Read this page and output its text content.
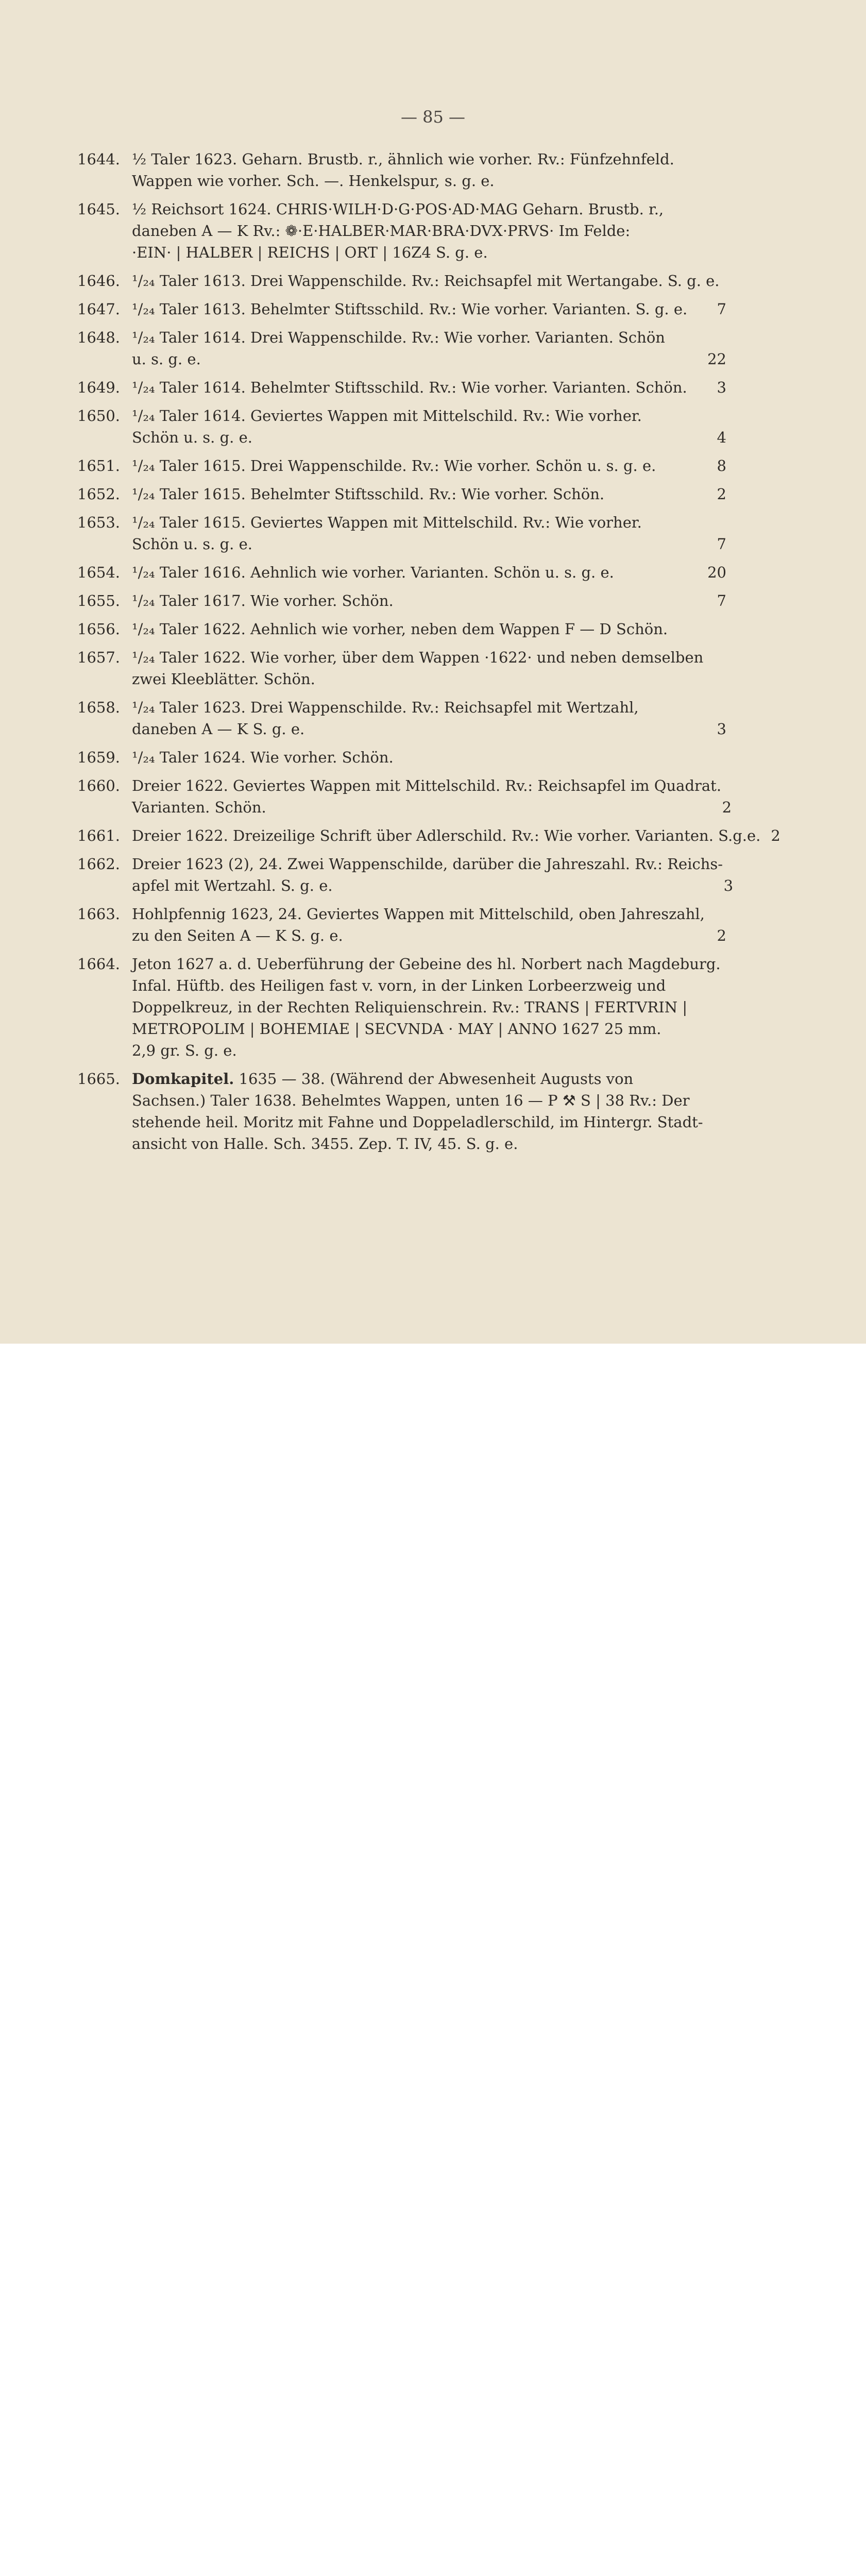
— 85 —
1644. ½ Taler 1623. Geharn. Brustb. r., ähnlich wie vorher. Rv.: Fünfzehnfeld.
Wappen wie vorher. Sch. —. Henkelspur, s. g. e.
1645. ½ Reichsort 1624. CHRIS·WILH·D·G·POS·AD·MAG Geharn. Brustb. r.,
daneben A — K Rv.: ❁·E·HALBER·MAR·BRA·DVX·PRVS· Im Felde:
·EIN· | HALBER | REICHS | ORT | 16Z4 S. g. e.
1646. ¹/₂₄ Taler 1613. Drei Wappenschilde. Rv.: Reichsapfel mit Wertangabe. S. g. e.
1647. ¹/₂₄ Taler 1613. Behelmter Stiftsschild. Rv.: Wie vorher. Varianten. S. g. e.	7
1648. ¹/₂₄ Taler 1614. Drei Wappenschilde. Rv.: Wie vorher. Varianten. Schön
u. s. g. e.	22
1649. ¹/₂₄ Taler 1614. Behelmter Stiftsschild. Rv.: Wie vorher. Varianten. Schön.	3
1650. ¹/₂₄ Taler 1614. Geviertes Wappen mit Mittelschild. Rv.: Wie vorher.
Schön u. s. g. e.	4
1651. ¹/₂₄ Taler 1615. Drei Wappenschilde. Rv.: Wie vorher. Schön u. s. g. e.	8
1652. ¹/₂₄ Taler 1615. Behelmter Stiftsschild. Rv.: Wie vorher. Schön.	2
1653. ¹/₂₄ Taler 1615. Geviertes Wappen mit Mittelschild. Rv.: Wie vorher.
Schön u. s. g. e.	7
1654. ¹/₂₄ Taler 1616. Aehnlich wie vorher. Varianten. Schön u. s. g. e.	20
1655. ¹/₂₄ Taler 1617. Wie vorher. Schön.	7
1656. ¹/₂₄ Taler 1622. Aehnlich wie vorher, neben dem Wappen F — D Schön.
1657. ¹/₂₄ Taler 1622. Wie vorher, über dem Wappen ·1622· und neben demselben
zwei Kleeblätter. Schön.
1658. ¹/₂₄ Taler 1623. Drei Wappenschilde. Rv.: Reichsapfel mit Wertzahl,
daneben A — K S. g. e.	3
1659. ¹/₂₄ Taler 1624. Wie vorher. Schön.
1660. Dreier 1622. Geviertes Wappen mit Mittelschild. Rv.: Reichsapfel im Quadrat.
Varianten. Schön.	2
1661. Dreier 1622. Dreizeilige Schrift über Adlerschild. Rv.: Wie vorher. Varianten. S.g.e. 2
1662. Dreier 1623 (2), 24. Zwei Wappenschilde, darüber die Jahreszahl. Rv.: Reichs-
apfel mit Wertzahl. S. g. e.	3
1663. Hohlpfennig 1623, 24. Geviertes Wappen mit Mittelschild, oben Jahreszahl,
zu den Seiten A — K S. g. e.	2
1664. Jeton 1627 a. d. Ueberführung der Gebeine des hl. Norbert nach Magdeburg.
Infal. Hüftb. des Heiligen fast v. vorn, in der Linken Lorbeerzweig und
Doppelkreuz, in der Rechten Reliquienschrein. Rv.: TRANS | FERTVRIN |
METROPOLIM | BOHEMIAE | SECVNDA · MAY | ANNO 1627 25 mm.
2,9 gr. S. g. e.
1665. Domkapitel. 1635 — 38. (Während der Abwesenheit Augusts von
Sachsen.) Taler 1638. Behelmtes Wappen, unten 16 — P ⚒ S | 38 Rv.: Der
stehende heil. Moritz mit Fahne und Doppeladlerschild, im Hintergr. Stadt-
ansicht von Halle. Sch. 3455. Zep. T. IV, 45. S. g. e.
